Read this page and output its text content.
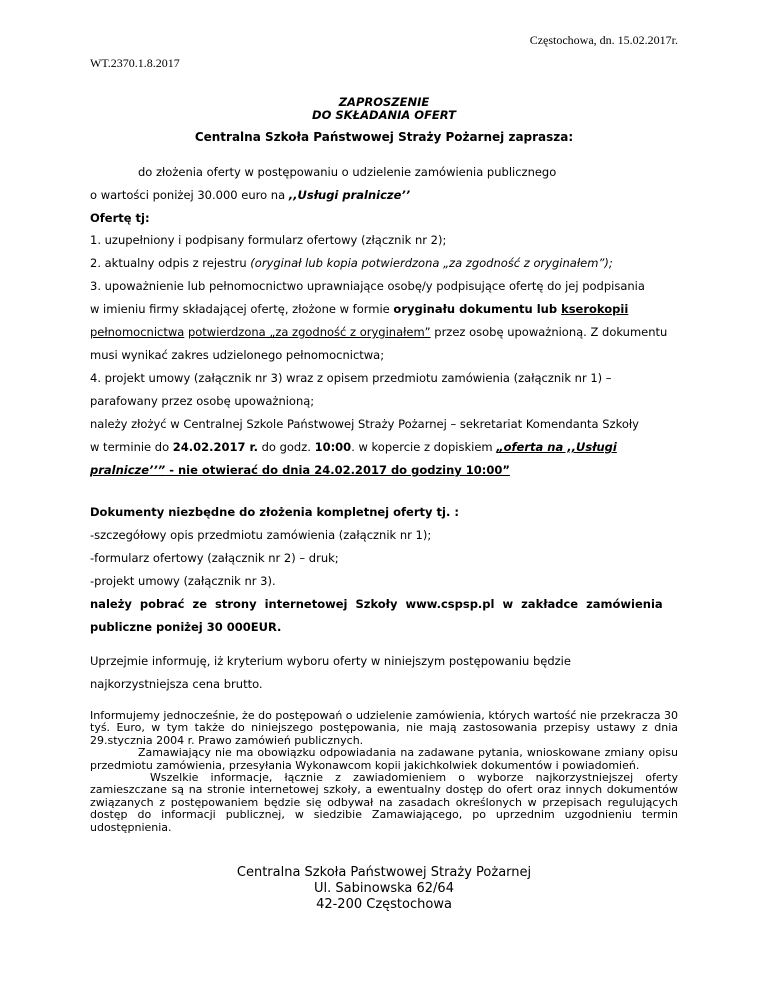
Częstochowa, dn. 15.02.2017r.
WT.2370.1.8.2017
ZAPROSZENIE
DO SKŁADANIA OFERT
Centralna Szkoła Państwowej Straży Pożarnej zaprasza:
do złożenia oferty w postępowaniu o udzielenie zamówienia publicznego
o wartości poniżej 30.000 euro na ,,Usługi pralnicze’’
Ofertę tj:
1. uzupełniony i podpisany formularz ofertowy (złącznik nr 2);
2. aktualny odpis z rejestru (oryginał lub kopia potwierdzona „za zgodność z oryginałem”);
3. upoważnienie lub pełnomocnictwo uprawniające osobę/y podpisujące ofertę do jej podpisania
w imieniu firmy składającej ofertę, złożone w formie oryginału dokumentu lub kserokopii
pełnomocnictwa potwierdzona „za zgodność z oryginałem” przez osobę upoważnioną. Z dokumentu
musi wynikać zakres udzielonego pełnomocnictwa;
4. projekt umowy (załącznik nr 3) wraz z opisem przedmiotu zamówienia (załącznik nr 1) –
parafowany przez osobę upoważnioną;
należy złożyć w Centralnej Szkole Państwowej Straży Pożarnej – sekretariat Komendanta Szkoły
w terminie do 24.02.2017 r. do godz. 10:00. w kopercie z dopiskiem „oferta na ,,Usługi
pralnicze’’” - nie otwierać do dnia 24.02.2017 do godziny 10:00”
Dokumenty niezbędne do złożenia kompletnej oferty tj. :
-szczegółowy opis przedmiotu zamówienia (załącznik nr 1);
-formularz ofertowy (załącznik nr 2) – druk;
-projekt umowy (załącznik nr 3).
należy  pobrać  ze  strony  internetowej  Szkoły  www.cspsp.pl  w  zakładce  zamówienia
publiczne poniżej 30 000EUR.
Uprzejmie informuję, iż kryterium wyboru oferty w niniejszym postępowaniu będzie
najkorzystniejsza cena brutto.

Informujemy jednocześnie, że do postępowań o udzielenie zamówienia, których wartość nie przekracza 30 tyś. Euro, w tym także do niniejszego postępowania, nie mają zastosowania przepisy ustawy z dnia 29.stycznia 2004 r. Prawo zamówień publicznych.

Zamawiający nie ma obowiązku odpowiadania na zadawane pytania, wnioskowane zmiany opisu przedmiotu zamówienia, przesyłania Wykonawcom kopii jakichkolwiek dokumentów i powiadomień.

Wszelkie informacje, łącznie z zawiadomieniem o wyborze najkorzystniejszej oferty zamieszczane są na stronie internetowej szkoły, a ewentualny dostęp do ofert oraz innych dokumentów związanych z postępowaniem będzie się odbywał na zasadach określonych w przepisach regulujących dostęp do informacji publicznej, w siedzibie Zamawiającego, po uprzednim uzgodnieniu termin udostępnienia.

Centralna Szkoła Państwowej Straży Pożarnej
Ul. Sabinowska 62/64
42-200 Częstochowa
